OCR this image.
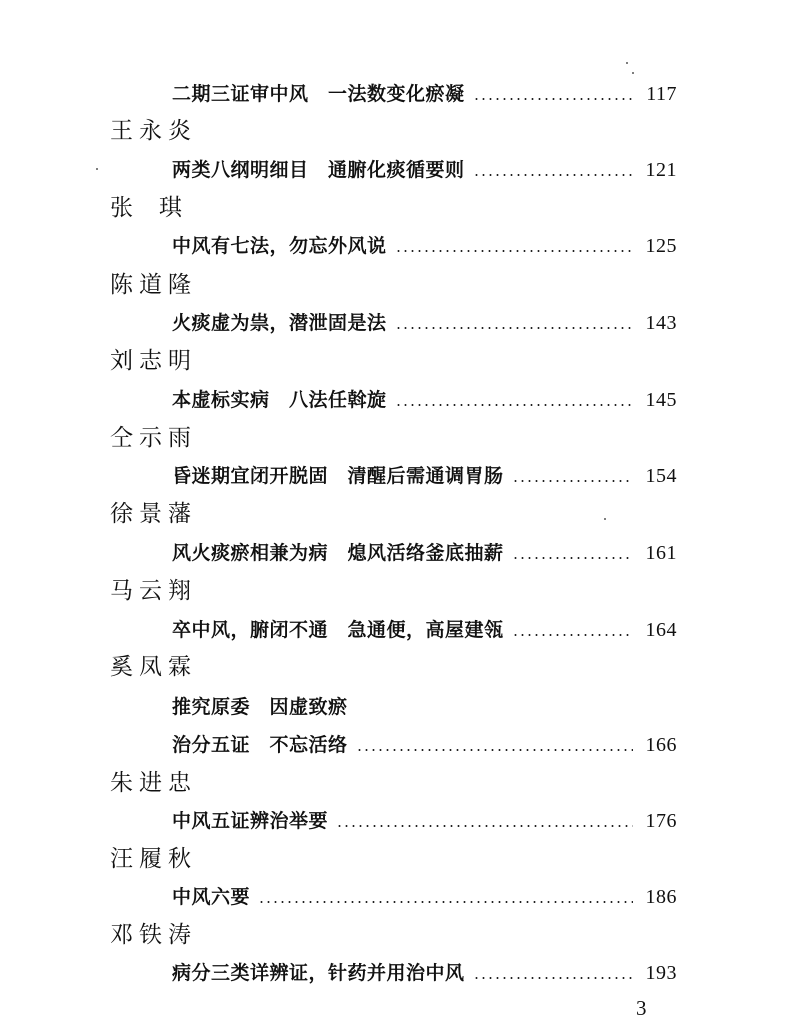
二期三证审中风　一法数变化瘀凝	117
王永炎
两类八纲明细目　通腑化痰循要则	121
张琪
中风有七法，勿忘外风说	125
陈道隆
火痰虚为祟，潜泄固是法	143
刘志明
本虚标实病　八法任斡旋	145
仝示雨
昏迷期宜闭开脱固　清醒后需通调胃肠	154
徐景藩
风火痰瘀相兼为病　熄风活络釜底抽薪	161
马云翔
卒中风，腑闭不通　急通便，高屋建瓴	164
奚凤霖
推究原委　因虚致瘀
治分五证　不忘活络	166
朱进忠
中风五证辨治举要	176
汪履秋
中风六要	186
邓铁涛
病分三类详辨证，针药并用治中风	193
3
